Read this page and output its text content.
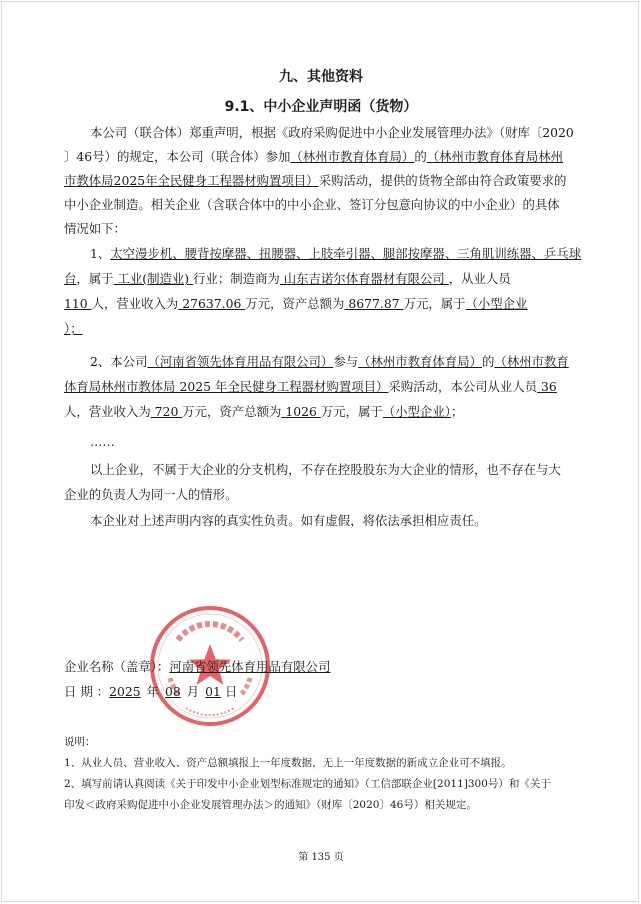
九、其他资料
9.1、中小企业声明函（货物）
本公司（联合体）郑重声明，根据《政府采购促进中小企业发展管理办法》（财库〔2020
〕46号）的规定，本公司（联合体）参加（林州市教育体育局）的（林州市教育体育局林州
市教体局2025年全民健身工程器材购置项目）采购活动，提供的货物全部由符合政策要求的
中小企业制造。相关企业（含联合体中的中小企业、签订分包意向协议的中小企业）的具体
情况如下：
1、太空漫步机、腰背按摩器、扭腰器、上肢牵引器、腿部按摩器、三角肌训练器、乒乓球
台，属于 工业(制造业) 行业；制造商为 山东吉诺尔体育器材有限公司 ，从业人员
110 人，营业收入为 27637.06 万元，资产总额为 8677.87 万元，属于（小型企业
）；
2、本公司（河南省领先体育用品有限公司）参与（林州市教育体育局）的（林州市教育
体育局林州市教体局 2025 年全民健身工程器材购置项目）采购活动，本公司从业人员 36
人，营业收入为 720 万元，资产总额为 1026 万元，属于（小型企业）；
……
以上企业，不属于大企业的分支机构，不存在控股股东为大企业的情形，也不存在与大
企业的负责人为同一人的情形。
本企业对上述声明内容的真实性负责。如有虚假，将依法承担相应责任。
企业名称（盖章）：河南省领先体育用品有限公司
日 期 ：2025 年 08 月 01 日
说明：
1、从业人员、营业收入、资产总额填报上一年度数据，无上一年度数据的新成立企业可不填报。
2、填写前请认真阅读《关于印发中小企业划型标准规定的通知》（工信部联企业[2011]300号）和《关于
印发＜政府采购促进中小企业发展管理办法＞的通知》（财库〔2020〕46号）相关规定。
第 135 页
